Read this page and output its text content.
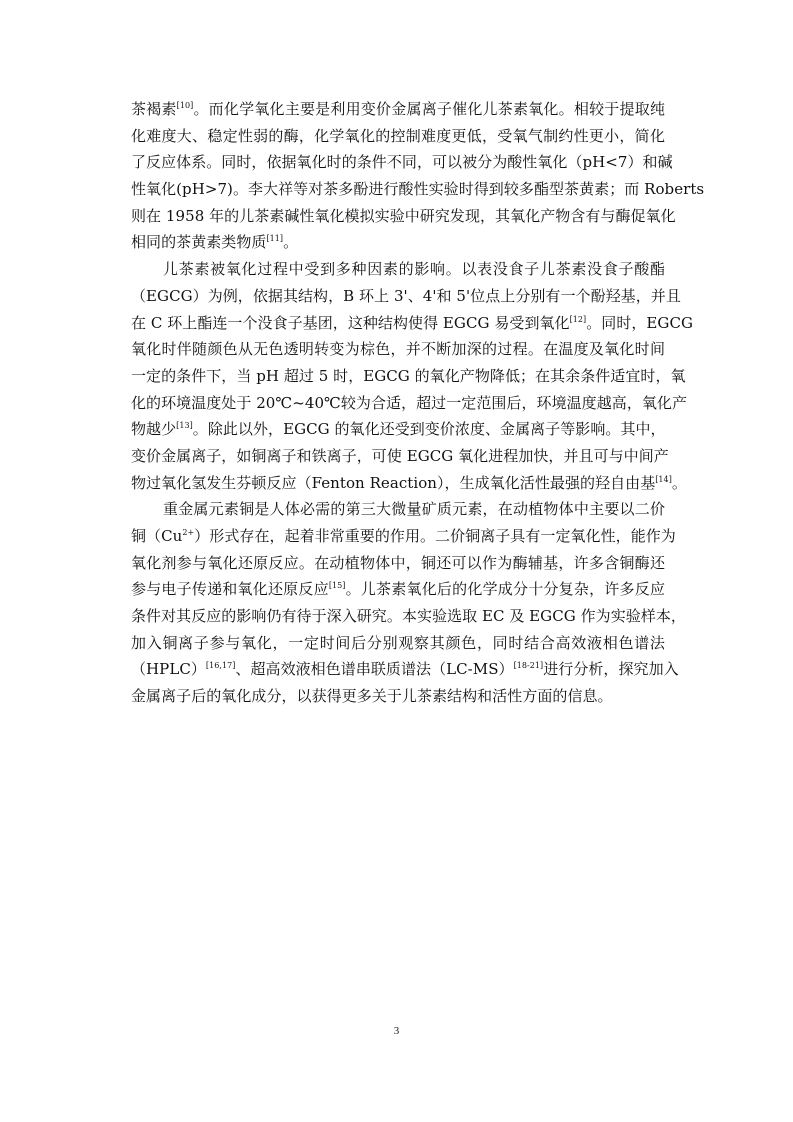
茶褐素[10]。而化学氧化主要是利用变价金属离子催化儿茶素氧化。相较于提取纯
化难度大、稳定性弱的酶，化学氧化的控制难度更低，受氧气制约性更小，简化
了反应体系。同时，依据氧化时的条件不同，可以被分为酸性氧化（pH<7）和碱
性氧化(pH>7)。李大祥等对茶多酚进行酸性实验时得到较多酯型茶黄素；而 Roberts
则在 1958 年的儿茶素碱性氧化模拟实验中研究发现，其氧化产物含有与酶促氧化
相同的茶黄素类物质[11]。
儿茶素被氧化过程中受到多种因素的影响。以表没食子儿茶素没食子酸酯
（EGCG）为例，依据其结构，B 环上 3'、4'和 5'位点上分别有一个酚羟基，并且
在 C 环上酯连一个没食子基团，这种结构使得 EGCG 易受到氧化[12]。同时，EGCG
氧化时伴随颜色从无色透明转变为棕色，并不断加深的过程。在温度及氧化时间
一定的条件下，当 pH 超过 5 时，EGCG 的氧化产物降低；在其余条件适宜时，氧
化的环境温度处于 20℃~40℃较为合适，超过一定范围后，环境温度越高，氧化产
物越少[13]。除此以外，EGCG 的氧化还受到变价浓度、金属离子等影响。其中，
变价金属离子，如铜离子和铁离子，可使 EGCG 氧化进程加快，并且可与中间产
物过氧化氢发生芬顿反应（Fenton Reaction），生成氧化活性最强的羟自由基[14]。
重金属元素铜是人体必需的第三大微量矿质元素，在动植物体中主要以二价
铜$(Cu^{2+})$形式存在，起着非常重要的作用。二价铜离子具有一定氧化性，能作为
氧化剂参与氧化还原反应。在动植物体中，铜还可以作为酶辅基，许多含铜酶还
参与电子传递和氧化还原反应[15]。儿茶素氧化后的化学成分十分复杂，许多反应
条件对其反应的影响仍有待于深入研究。本实验选取 EC 及 EGCG 作为实验样本，
加入铜离子参与氧化，一定时间后分别观察其颜色，同时结合高效液相色谱法
（HPLC）[16,17]、超高效液相色谱串联质谱法（LC-MS）[18-21]进行分析，探究加入
金属离子后的氧化成分，以获得更多关于儿茶素结构和活性方面的信息。
3
